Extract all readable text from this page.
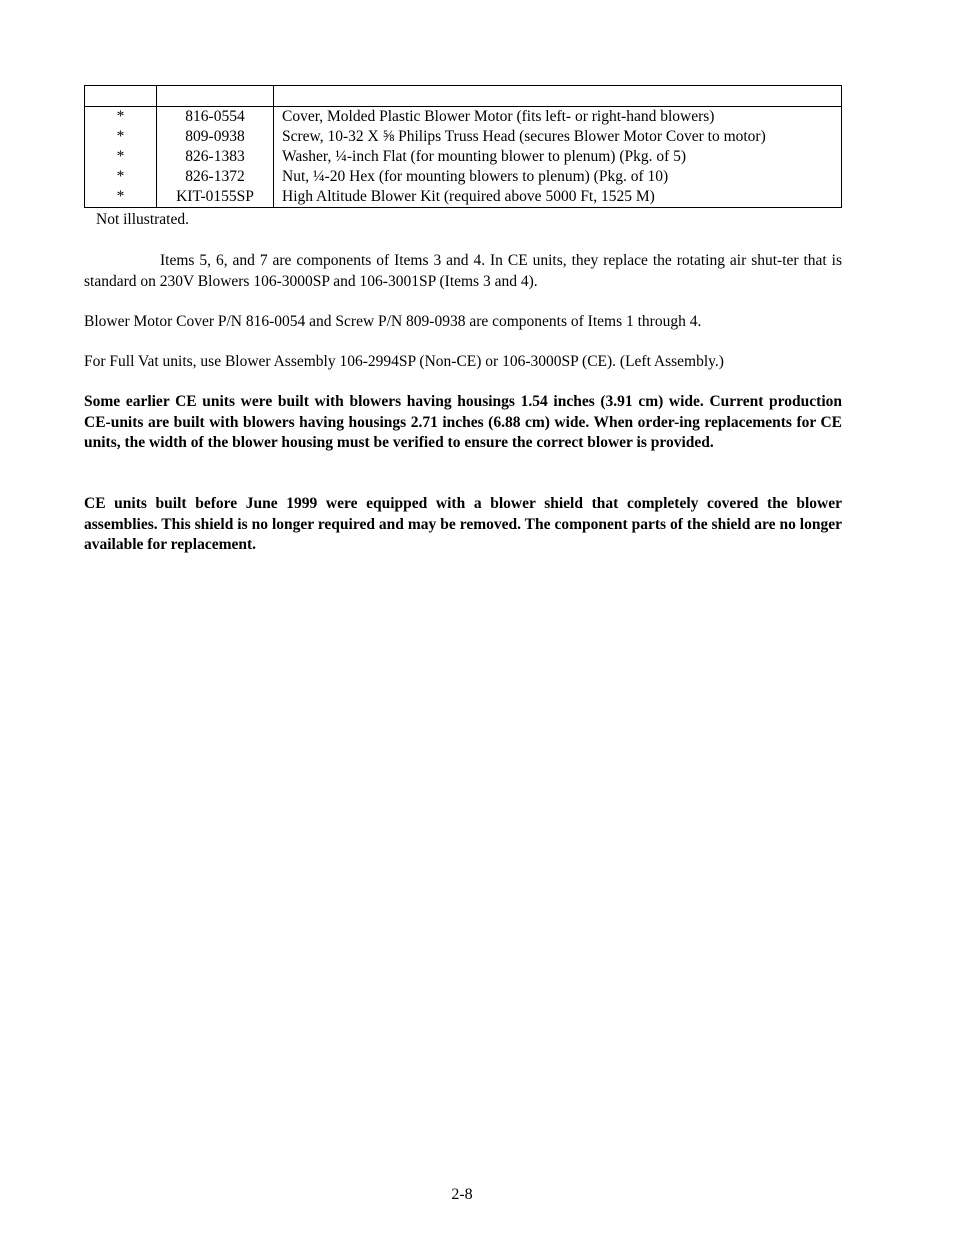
*	816-0554	Cover, Molded Plastic Blower Motor (fits left- or right-hand blowers)
*	809-0938	Screw, 10-32 X ⅝ Philips Truss Head (secures Blower Motor Cover to motor)
*	826-1383	Washer, ¼-inch Flat (for mounting blower to plenum) (Pkg. of 5)
*	826-1372	Nut, ¼-20 Hex (for mounting blowers to plenum) (Pkg. of 10)
*	KIT-0155SP	High Altitude Blower Kit (required above 5000 Ft, 1525 M)
Not illustrated.
Items 5, 6, and 7 are components of Items 3 and 4. In CE units, they replace the rotating air shut-ter that is standard on 230V Blowers 106-3000SP and 106-3001SP (Items 3 and 4).
Blower Motor Cover P/N 816-0054 and Screw P/N 809-0938 are components of Items 1 through 4.
For Full Vat units, use Blower Assembly 106-2994SP (Non-CE) or 106-3000SP (CE). (Left Assembly.)
Some earlier CE units were built with blowers having housings 1.54 inches (3.91 cm) wide. Current production CE-units are built with blowers having housings 2.71 inches (6.88 cm) wide. When order-ing replacements for CE units, the width of the blower housing must be verified to ensure the correct blower is provided.
CE units built before June 1999 were equipped with a blower shield that completely covered the blower assemblies. This shield is no longer required and may be removed. The component parts of the shield are no longer available for replacement.
2-8
